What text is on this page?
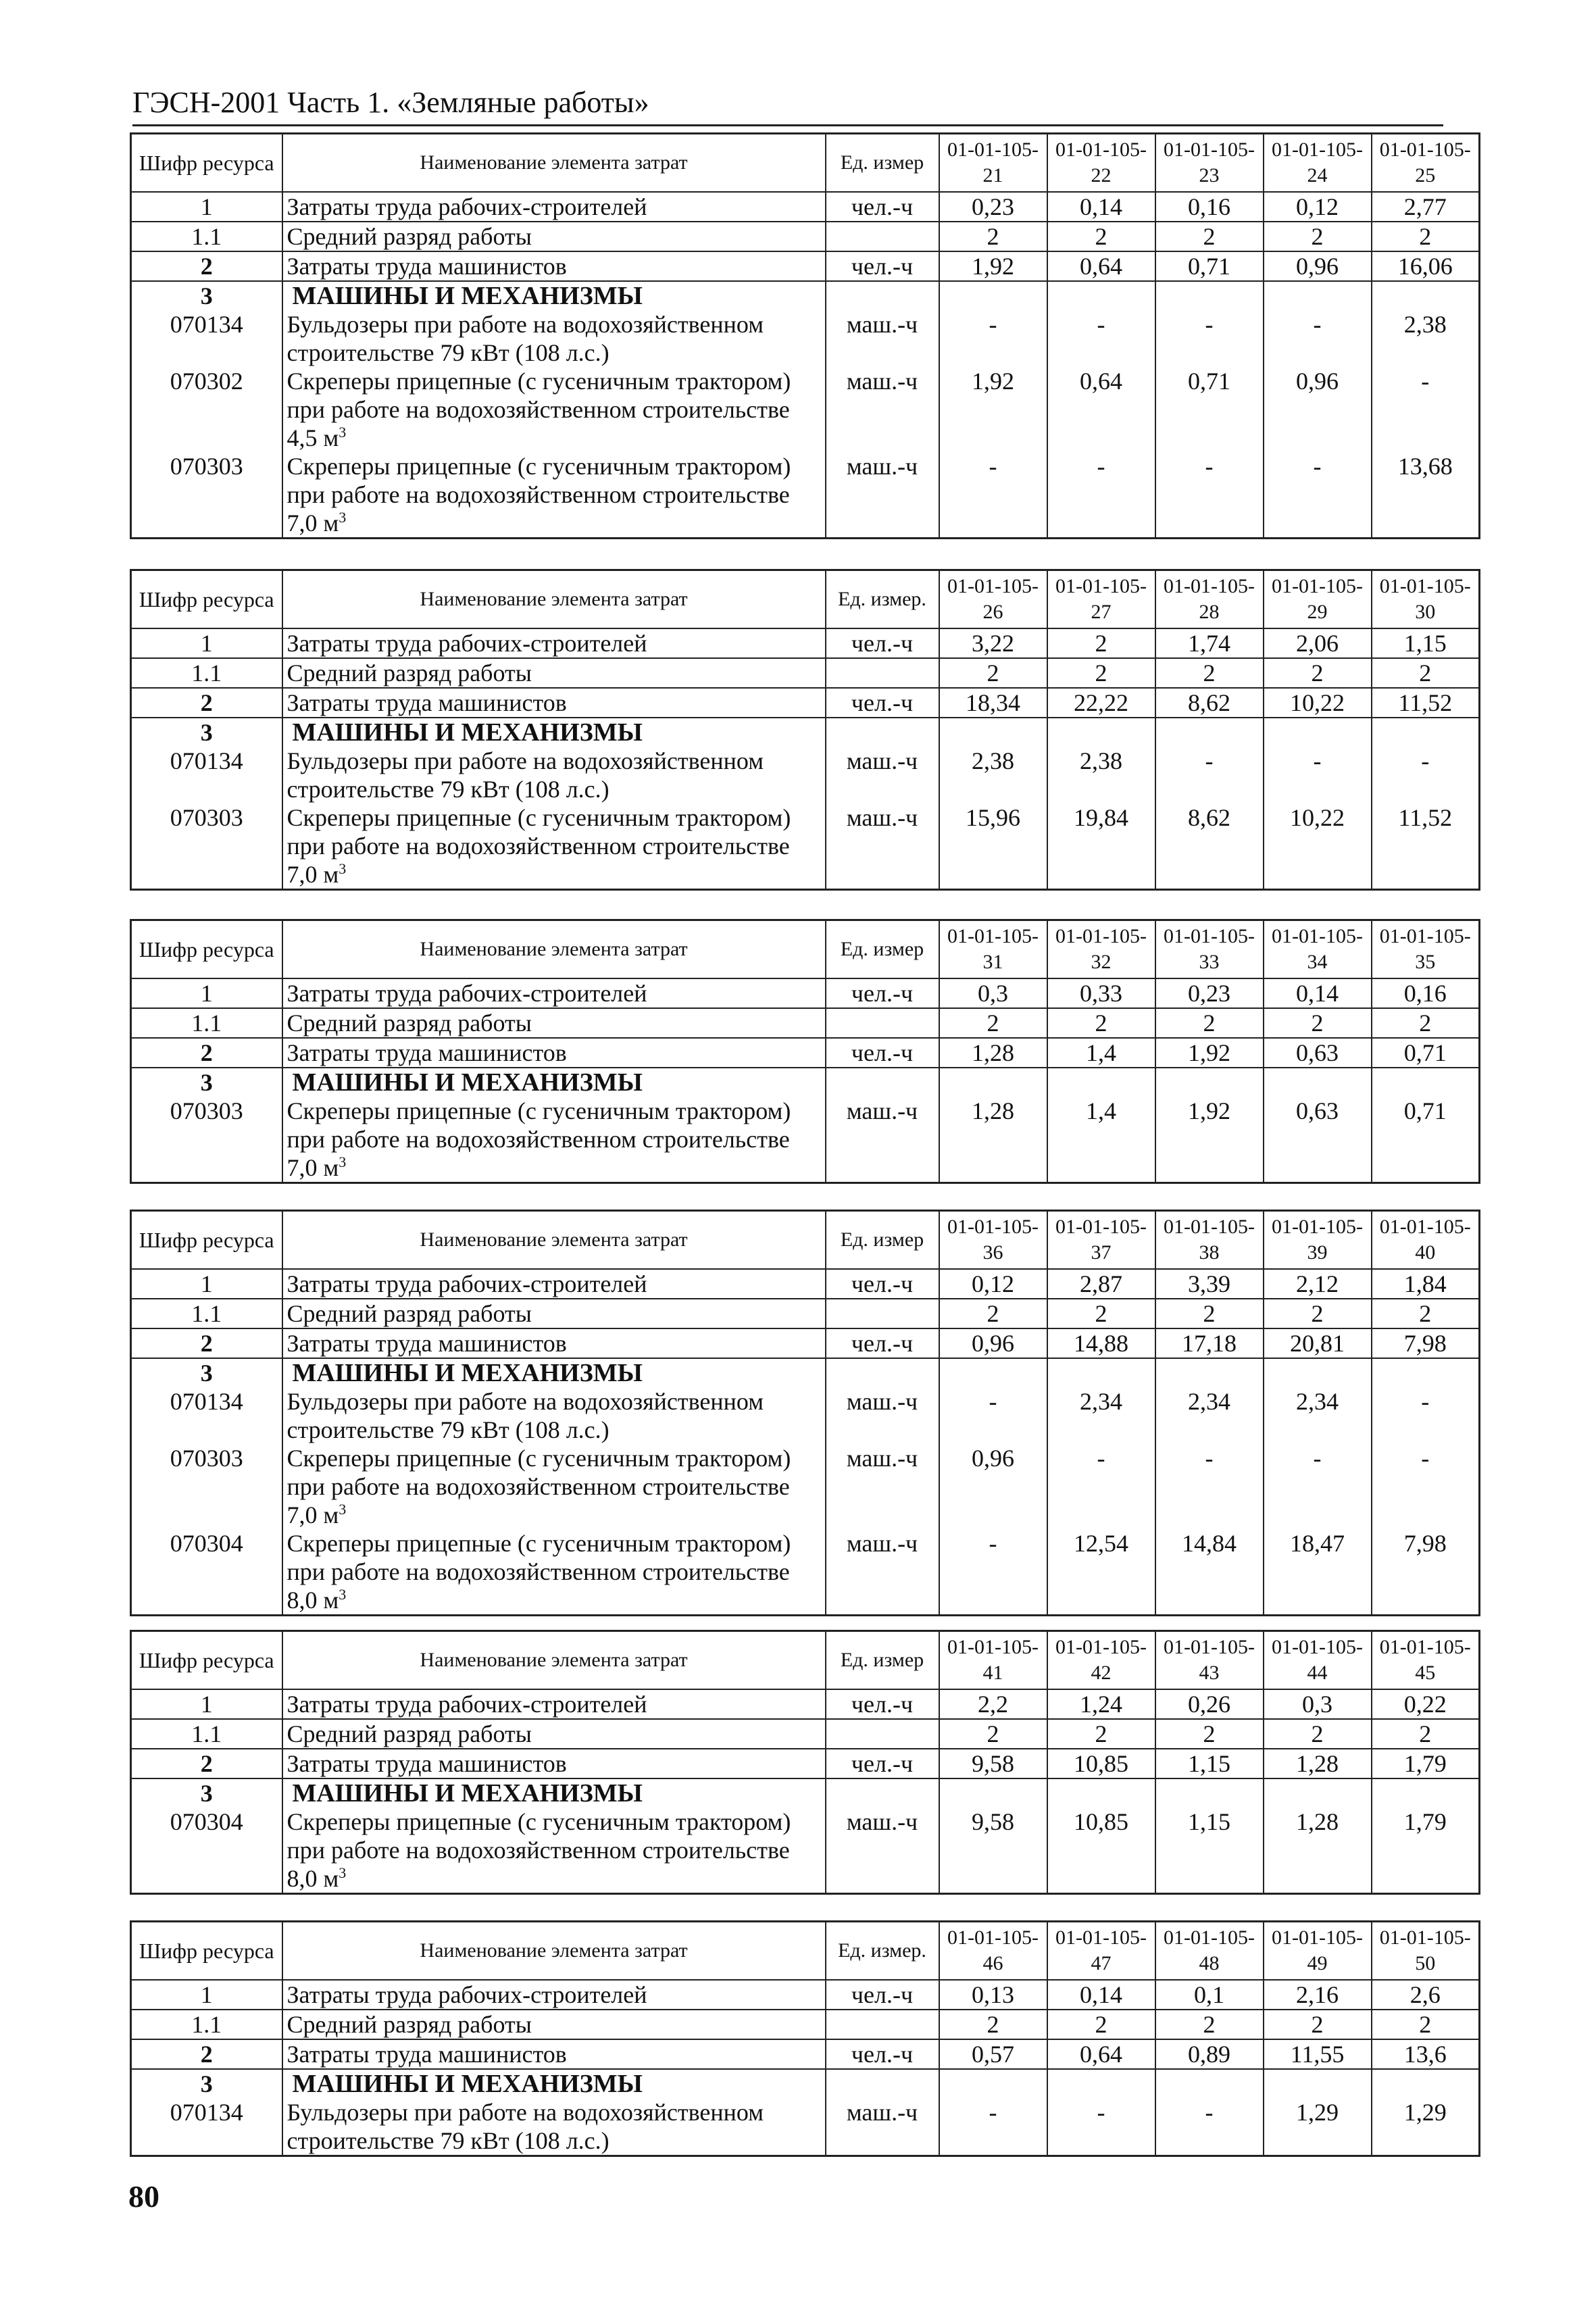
ГЭСН-2001 Часть 1. «Земляные работы»
Шифр ресурса	Наименование элемента затрат	Ед. измер	01-01-105-21	01-01-105-22	01-01-105-23	01-01-105-24	01-01-105-25
1	Затраты труда рабочих-строителей	чел.-ч	0,23	0,14	0,16	0,12	2,77
1.1	Средний разряд работы		2	2	2	2	2
2	Затраты труда машинистов	чел.-ч	1,92	0,64	0,71	0,96	16,06
3	МАШИНЫ И МЕХАНИЗМЫ						
070134	Бульдозеры при работе на водохозяйственном строительстве 79 кВт (108 л.с.)	маш.-ч	-	-	-	-	2,38
070302	Скреперы прицепные (с гусеничным трактором) при работе на водохозяйственном строительстве 4,5 $м^3$	маш.-ч	1,92	0,64	0,71	0,96	-
070303	Скреперы прицепные (с гусеничным трактором) при работе на водохозяйственном строительстве 7,0 $м^3$	маш.-ч	-	-	-	-	13,68
Шифр ресурса	Наименование элемента затрат	Ед. измер.	01-01-105-26	01-01-105-27	01-01-105-28	01-01-105-29	01-01-105-30
1	Затраты труда рабочих-строителей	чел.-ч	3,22	2	1,74	2,06	1,15
1.1	Средний разряд работы		2	2	2	2	2
2	Затраты труда машинистов	чел.-ч	18,34	22,22	8,62	10,22	11,52
3	МАШИНЫ И МЕХАНИЗМЫ						
070134	Бульдозеры при работе на водохозяйственном строительстве 79 кВт (108 л.с.)	маш.-ч	2,38	2,38	-	-	-
070303	Скреперы прицепные (с гусеничным трактором) при работе на водохозяйственном строительстве 7,0 $м^3$	маш.-ч	15,96	19,84	8,62	10,22	11,52
Шифр ресурса	Наименование элемента затрат	Ед. измер	01-01-105-31	01-01-105-32	01-01-105-33	01-01-105-34	01-01-105-35
1	Затраты труда рабочих-строителей	чел.-ч	0,3	0,33	0,23	0,14	0,16
1.1	Средний разряд работы		2	2	2	2	2
2	Затраты труда машинистов	чел.-ч	1,28	1,4	1,92	0,63	0,71
3	МАШИНЫ И МЕХАНИЗМЫ						
070303	Скреперы прицепные (с гусеничным трактором) при работе на водохозяйственном строительстве 7,0 $м^3$	маш.-ч	1,28	1,4	1,92	0,63	0,71
Шифр ресурса	Наименование элемента затрат	Ед. измер	01-01-105-36	01-01-105-37	01-01-105-38	01-01-105-39	01-01-105-40
1	Затраты труда рабочих-строителей	чел.-ч	0,12	2,87	3,39	2,12	1,84
1.1	Средний разряд работы		2	2	2	2	2
2	Затраты труда машинистов	чел.-ч	0,96	14,88	17,18	20,81	7,98
3	МАШИНЫ И МЕХАНИЗМЫ						
070134	Бульдозеры при работе на водохозяйственном строительстве 79 кВт (108 л.с.)	маш.-ч	-	2,34	2,34	2,34	-
070303	Скреперы прицепные (с гусеничным трактором) при работе на водохозяйственном строительстве 7,0 $м^3$	маш.-ч	0,96	-	-	-	-
070304	Скреперы прицепные (с гусеничным трактором) при работе на водохозяйственном строительстве 8,0 $м^3$	маш.-ч	-	12,54	14,84	18,47	7,98
Шифр ресурса	Наименование элемента затрат	Ед. измер	01-01-105-41	01-01-105-42	01-01-105-43	01-01-105-44	01-01-105-45
1	Затраты труда рабочих-строителей	чел.-ч	2,2	1,24	0,26	0,3	0,22
1.1	Средний разряд работы		2	2	2	2	2
2	Затраты труда машинистов	чел.-ч	9,58	10,85	1,15	1,28	1,79
3	МАШИНЫ И МЕХАНИЗМЫ						
070304	Скреперы прицепные (с гусеничным трактором) при работе на водохозяйственном строительстве 8,0 $м^3$	маш.-ч	9,58	10,85	1,15	1,28	1,79
Шифр ресурса	Наименование элемента затрат	Ед. измер.	01-01-105-46	01-01-105-47	01-01-105-48	01-01-105-49	01-01-105-50
1	Затраты труда рабочих-строителей	чел.-ч	0,13	0,14	0,1	2,16	2,6
1.1	Средний разряд работы		2	2	2	2	2
2	Затраты труда машинистов	чел.-ч	0,57	0,64	0,89	11,55	13,6
3	МАШИНЫ И МЕХАНИЗМЫ						
070134	Бульдозеры при работе на водохозяйственном строительстве 79 кВт (108 л.с.)	маш.-ч	-	-	-	1,29	1,29
80
